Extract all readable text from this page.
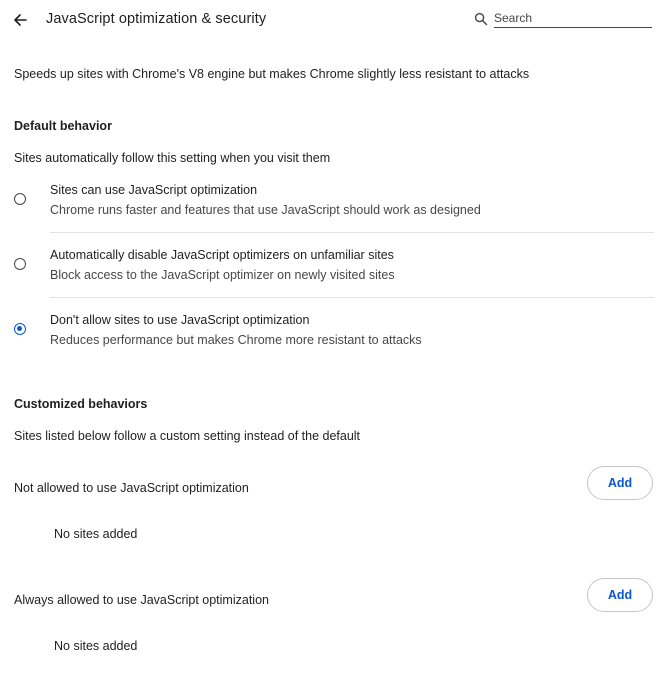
JavaScript optimization & security
Search
Speeds up sites with Chrome's V8 engine but makes Chrome slightly less resistant to attacks
Default behavior
Sites automatically follow this setting when you visit them
Sites can use JavaScript optimization
Chrome runs faster and features that use JavaScript should work as designed
Automatically disable JavaScript optimizers on unfamiliar sites
Block access to the JavaScript optimizer on newly visited sites
Don't allow sites to use JavaScript optimization
Reduces performance but makes Chrome more resistant to attacks
Customized behaviors
Sites listed below follow a custom setting instead of the default
Not allowed to use JavaScript optimization	Add
No sites added
Always allowed to use JavaScript optimization	Add
No sites added
